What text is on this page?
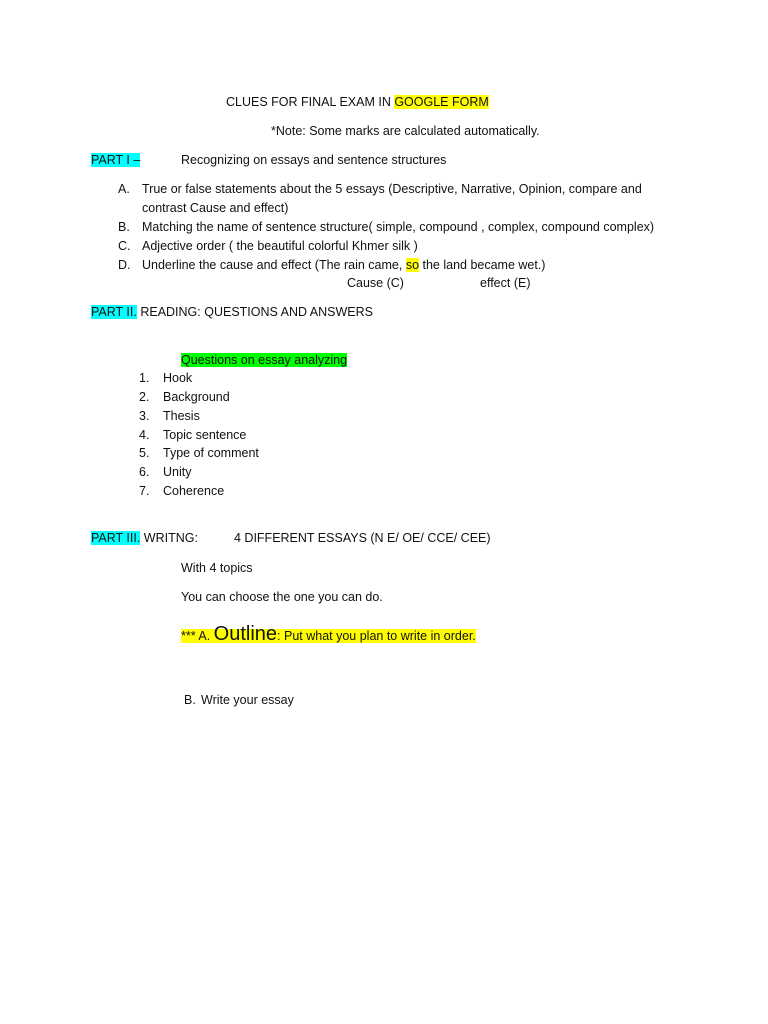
CLUES FOR FINAL EXAM IN GOOGLE FORM
*Note: Some marks are calculated automatically.
PART I –	Recognizing on essays and sentence structures
A. True or false statements about the 5 essays (Descriptive, Narrative, Opinion, compare and
contrast Cause and effect)
B. Matching the name of sentence structure( simple, compound , complex, compound complex)
C. Adjective order ( the beautiful colorful Khmer silk )
D. Underline the cause and effect (The rain came, so the land became wet.)
Cause (C)	effect (E)
PART II. READING: QUESTIONS AND ANSWERS
Questions on essay analyzing
1.	Hook
2.	Background
3.	Thesis
4.	Topic sentence
5.	Type of comment
6.	Unity
7.	Coherence
PART III. WRITNG:	4 DIFFERENT ESSAYS (N E/ OE/ CCE/ CEE)
With 4 topics
You can choose the one you can do.
*** A. Outline: Put what you plan to write in order.
B. Write your essay
